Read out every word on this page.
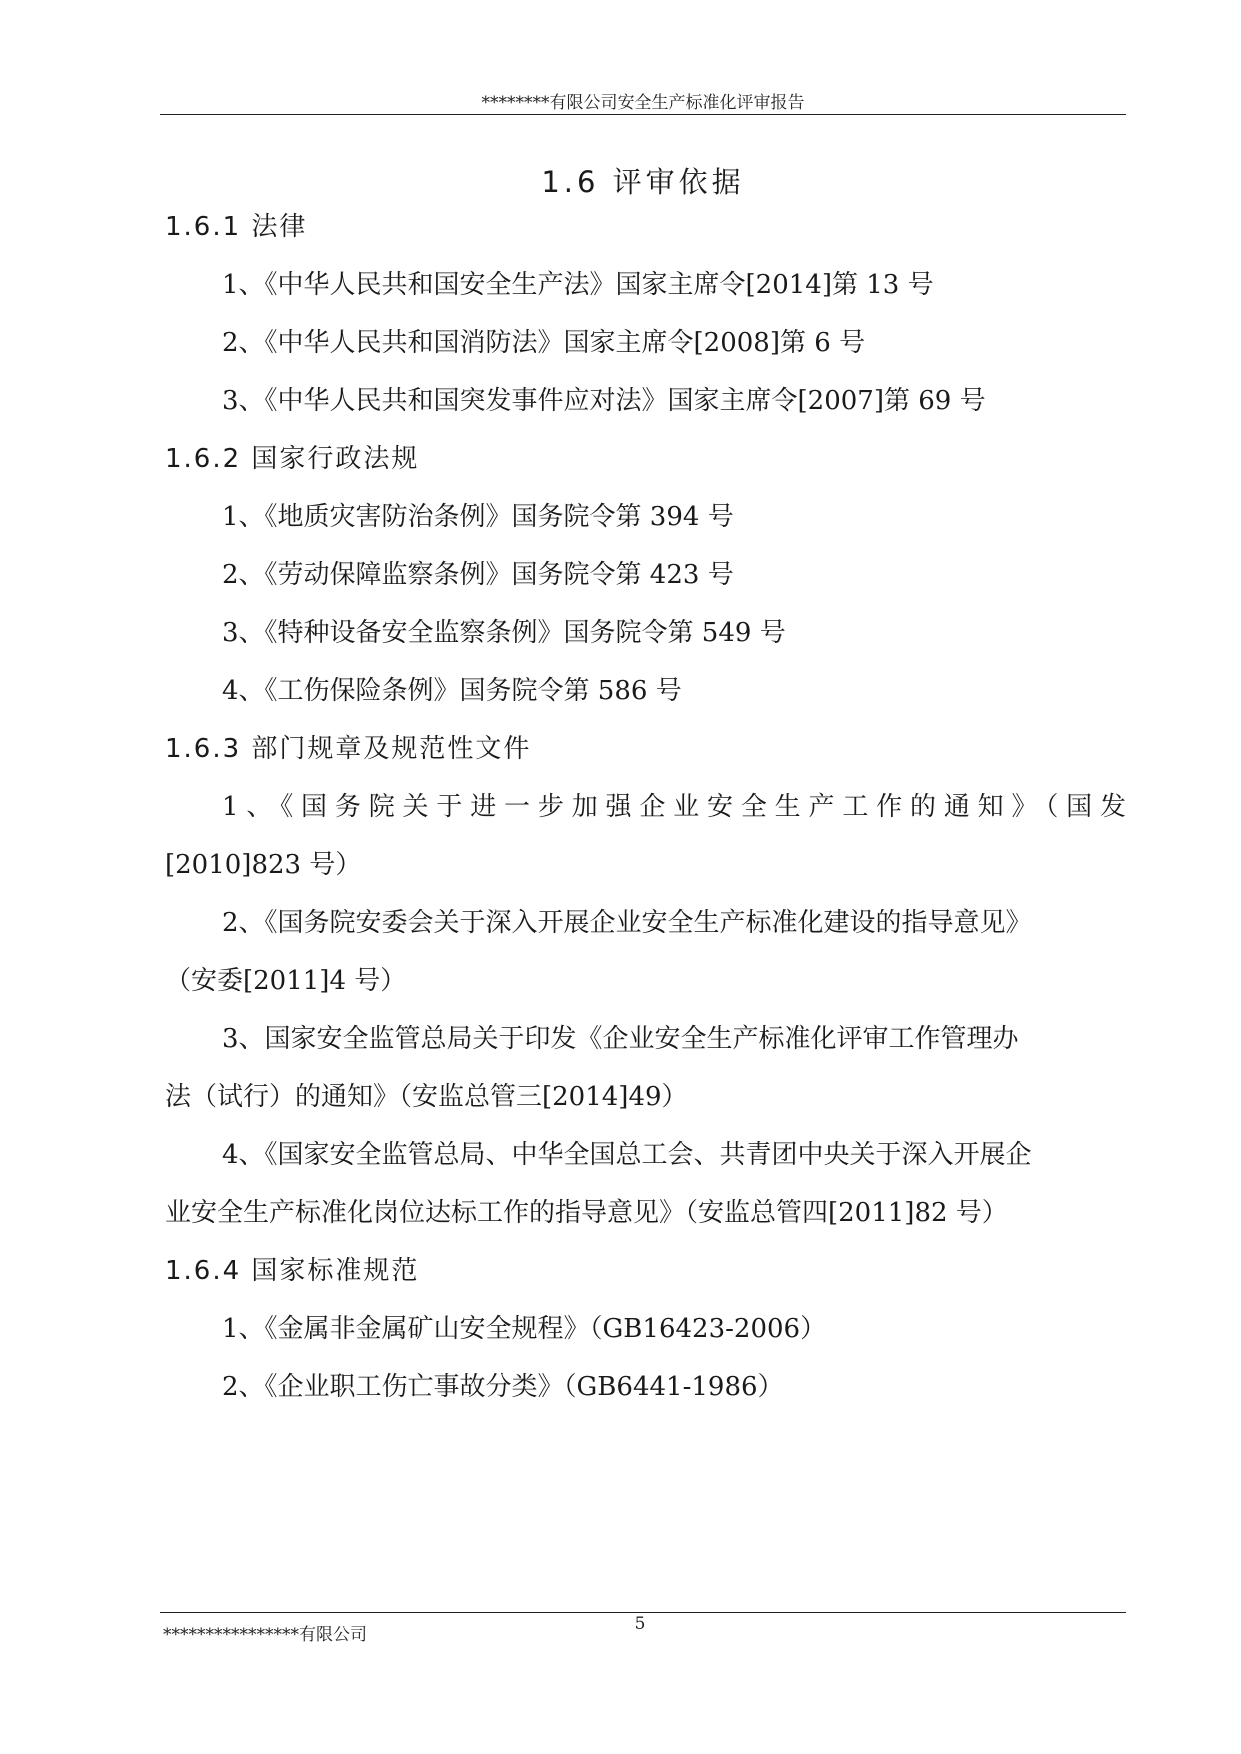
********有限公司安全生产标准化评审报告
1.6 评审依据
1.6.1 法律
1、《中华人民共和国安全生产法》国家主席令[2014]第 13 号
2、《中华人民共和国消防法》国家主席令[2008]第 6 号
3、《中华人民共和国突发事件应对法》国家主席令[2007]第 69 号
1.6.2 国家行政法规
1、《地质灾害防治条例》国务院令第 394 号
2、《劳动保障监察条例》国务院令第 423 号
3、《特种设备安全监察条例》国务院令第 549 号
4、《工伤保险条例》国务院令第 586 号
1.6.3 部门规章及规范性文件
1、《国务院关于进一步加强企业安全生产工作的通知》（国发
[2010]823 号）
2、《国务院安委会关于深入开展企业安全生产标准化建设的指导意见》
（安委[2011]4 号）
3、国家安全监管总局关于印发《企业安全生产标准化评审工作管理办
法（试行）的通知》（安监总管三[2014]49）
4、《国家安全监管总局、中华全国总工会、共青团中央关于深入开展企
业安全生产标准化岗位达标工作的指导意见》（安监总管四[2011]82 号）
1.6.4 国家标准规范
1、《金属非金属矿山安全规程》（GB16423-2006）
2、《企业职工伤亡事故分类》（GB6441-1986）
****************有限公司
5
